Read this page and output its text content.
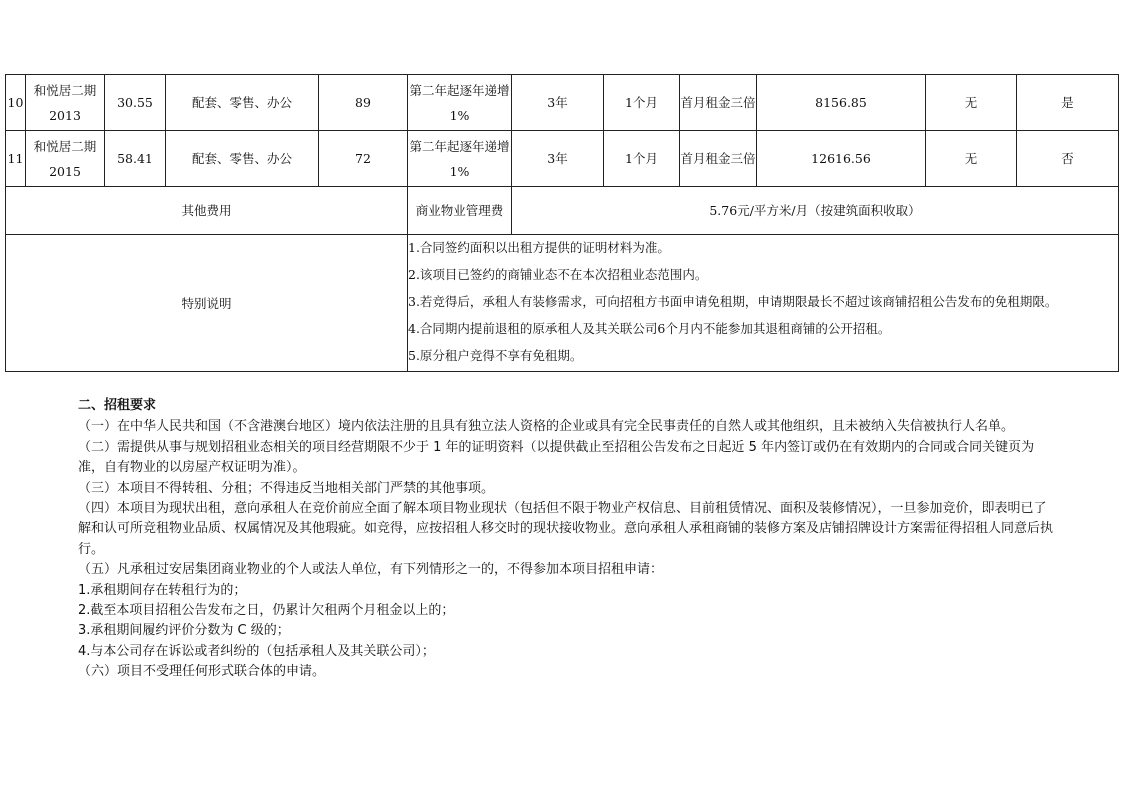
10	和悦居二期2013	30.55	配套、零售、办公	89	第二年起逐年递增1%	3年	1个月	首月租金三倍	8156.85	无	是
11	和悦居二期2015	58.41	配套、零售、办公	72	第二年起逐年递增1%	3年	1个月	首月租金三倍	12616.56	无	否
其他费用					商业物业管理费	5.76元/平方米/月（按建筑面积收取）					
特别说明					1.合同签约面积以出租方提供的证明材料为准。
2.该项目已签约的商铺业态不在本次招租业态范围内。
3.若竞得后，承租人有装修需求，可向招租方书面申请免租期，申请期限最长不超过该商铺招租公告发布的免租期限。
4.合同期内提前退租的原承租人及其关联公司6个月内不能参加其退租商铺的公开招租。
5.原分租户竞得不享有免租期。						

二、招租要求

（一）在中华人民共和国（不含港澳台地区）境内依法注册的且具有独立法人资格的企业或具有完全民事责任的自然人或其他组织，且未被纳入失信被执行人名单。

（二）需提供从事与规划招租业态相关的项目经营期限不少于 1 年的证明资料（以提供截止至招租公告发布之日起近 5 年内签订或仍在有效期内的合同或合同关键页为准，自有物业的以房屋产权证明为准）。

（三）本项目不得转租、分租；不得违反当地相关部门严禁的其他事项。

（四）本项目为现状出租，意向承租人在竞价前应全面了解本项目物业现状（包括但不限于物业产权信息、目前租赁情况、面积及装修情况），一旦参加竞价，即表明已了解和认可所竞租物业品质、权属情况及其他瑕疵。如竞得，应按招租人移交时的现状接收物业。意向承租人承租商铺的装修方案及店铺招牌设计方案需征得招租人同意后执行。

（五）凡承租过安居集团商业物业的个人或法人单位，有下列情形之一的，不得参加本项目招租申请：

1.承租期间存在转租行为的；

2.截至本项目招租公告发布之日，仍累计欠租两个月租金以上的；

3.承租期间履约评价分数为 C 级的；

4.与本公司存在诉讼或者纠纷的（包括承租人及其关联公司）；

（六）项目不受理任何形式联合体的申请。
